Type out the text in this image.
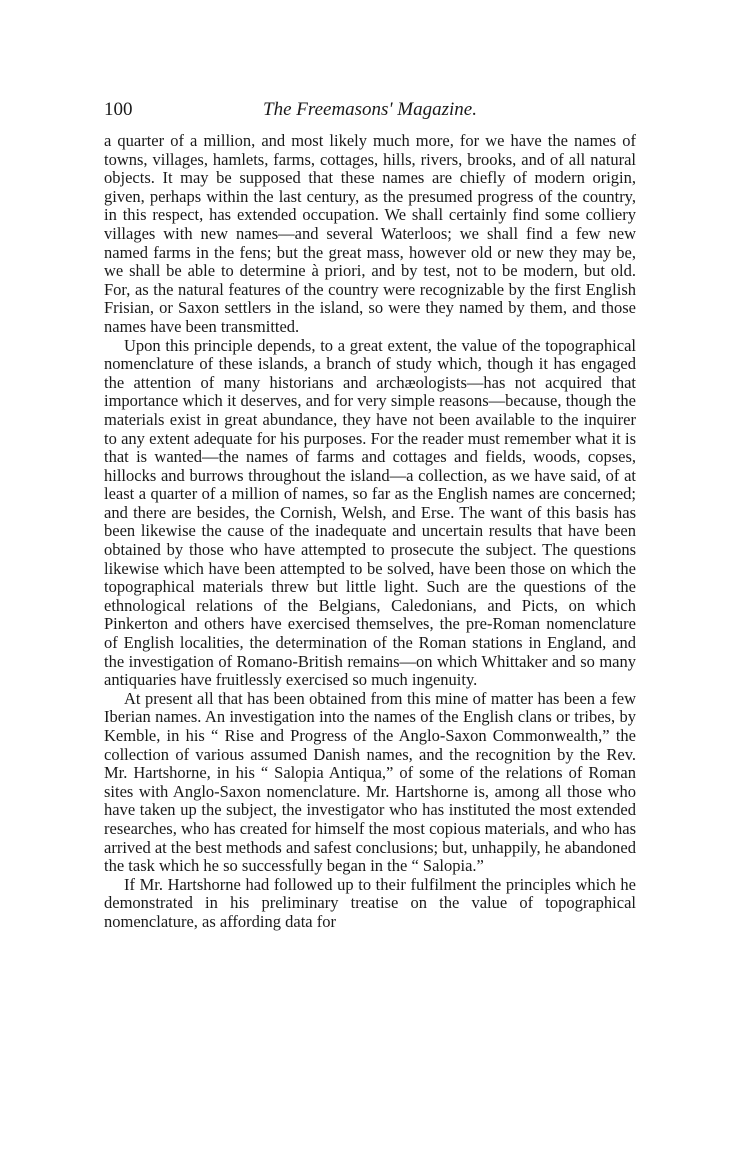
100	The Freemasons' Magazine.

a quarter of a million, and most likely much more, for we have the names of towns, villages, hamlets, farms, cottages, hills, rivers, brooks, and of all natural objects. It may be supposed that these names are chiefly of modern origin, given, perhaps within the last century, as the presumed progress of the country, in this respect, has extended occupation. We shall certainly find some colliery villages with new names—and several Waterloos; we shall find a few new named farms in the fens; but the great mass, however old or new they may be, we shall be able to determine à priori, and by test, not to be modern, but old. For, as the natural features of the country were recognizable by the first English Frisian, or Saxon settlers in the island, so were they named by them, and those names have been transmitted.

Upon this principle depends, to a great extent, the value of the topographical nomenclature of these islands, a branch of study which, though it has engaged the attention of many historians and archæologists—has not acquired that importance which it deserves, and for very simple reasons—because, though the materials exist in great abundance, they have not been available to the inquirer to any extent adequate for his purposes. For the reader must remember what it is that is wanted—the names of farms and cottages and fields, woods, copses, hillocks and burrows throughout the island—a collection, as we have said, of at least a quarter of a million of names, so far as the English names are concerned; and there are besides, the Cornish, Welsh, and Erse. The want of this basis has been likewise the cause of the inadequate and uncertain results that have been obtained by those who have attempted to prosecute the subject. The questions likewise which have been attempted to be solved, have been those on which the topographical materials threw but little light. Such are the questions of the ethnological relations of the Belgians, Caledonians, and Picts, on which Pinkerton and others have exercised themselves, the pre-Roman nomenclature of English localities, the determination of the Roman stations in England, and the investigation of Romano-British remains—on which Whittaker and so many antiquaries have fruitlessly exercised so much ingenuity.

At present all that has been obtained from this mine of matter has been a few Iberian names. An investigation into the names of the English clans or tribes, by Kemble, in his “ Rise and Progress of the Anglo-Saxon Commonwealth,” the collection of various assumed Danish names, and the recognition by the Rev. Mr. Hartshorne, in his “ Salopia Antiqua,” of some of the relations of Roman sites with Anglo-Saxon nomenclature. Mr. Hartshorne is, among all those who have taken up the subject, the investigator who has instituted the most extended researches, who has created for himself the most copious materials, and who has arrived at the best methods and safest conclusions; but, unhappily, he abandoned the task which he so successfully began in the “ Salopia.”

If Mr. Hartshorne had followed up to their fulfilment the principles which he demonstrated in his preliminary treatise on the value of topographical nomenclature, as affording data for
